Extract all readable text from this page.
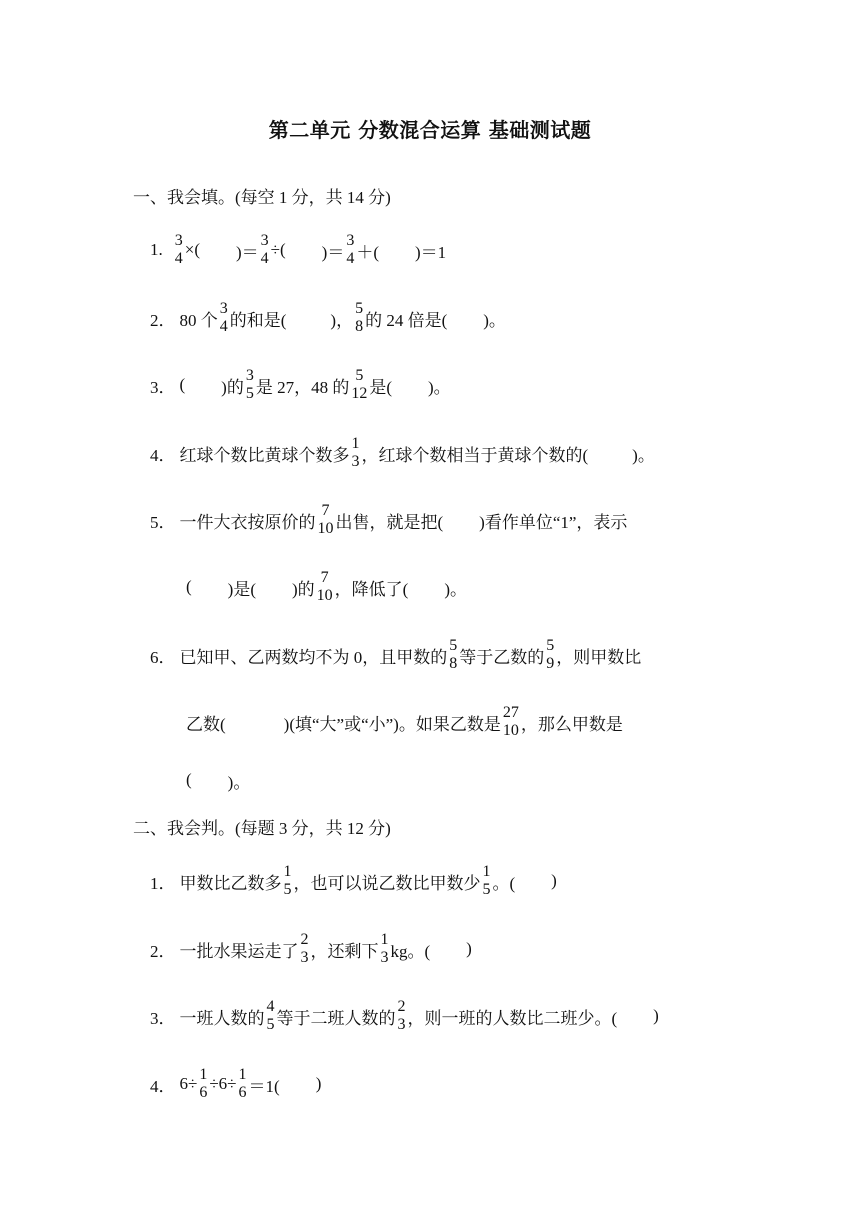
第二单元 分数混合运算 基础测试题
一、我会填。(每空 1 分，共 14 分)
1. 3
4 ×( )＝
3
4 ÷( )＝
3
4 ＋( )＝1
2． 80 个
3
4 的和是(	)，
5
8 的 24 倍是( )。
3． ( )的
3
5 是 27，48 的
5
12 是( )。
4． 红球个数比黄球个数多
1
3 ，红球个数相当于黄球个数的(	)。
5． 一件大衣按原价的
7
10 出售，就是把( )看作单位“1”，表示
( )是( )的
7
10 ，降低了( )。
6． 已知甲、乙两数均不为 0，且甲数的
5
8 等于乙数的
5
9 ，则甲数比
乙数(	)(填“大”或“小”)。如果乙数是
27
10 ，那么甲数是
( )。
二、我会判。(每题 3 分，共 12 分)
1． 甲数比乙数多
1
5 ，也可以说乙数比甲数少
1
5 。( )
2． 一批水果运走了
2
3 ，还剩下
1
3 kg。( )
3． 一班人数的
4
5 等于二班人数的
2
3 ，则一班的人数比二班少。( )
4． 6÷ 1
6 ÷6÷ 1
6 ＝1( )
